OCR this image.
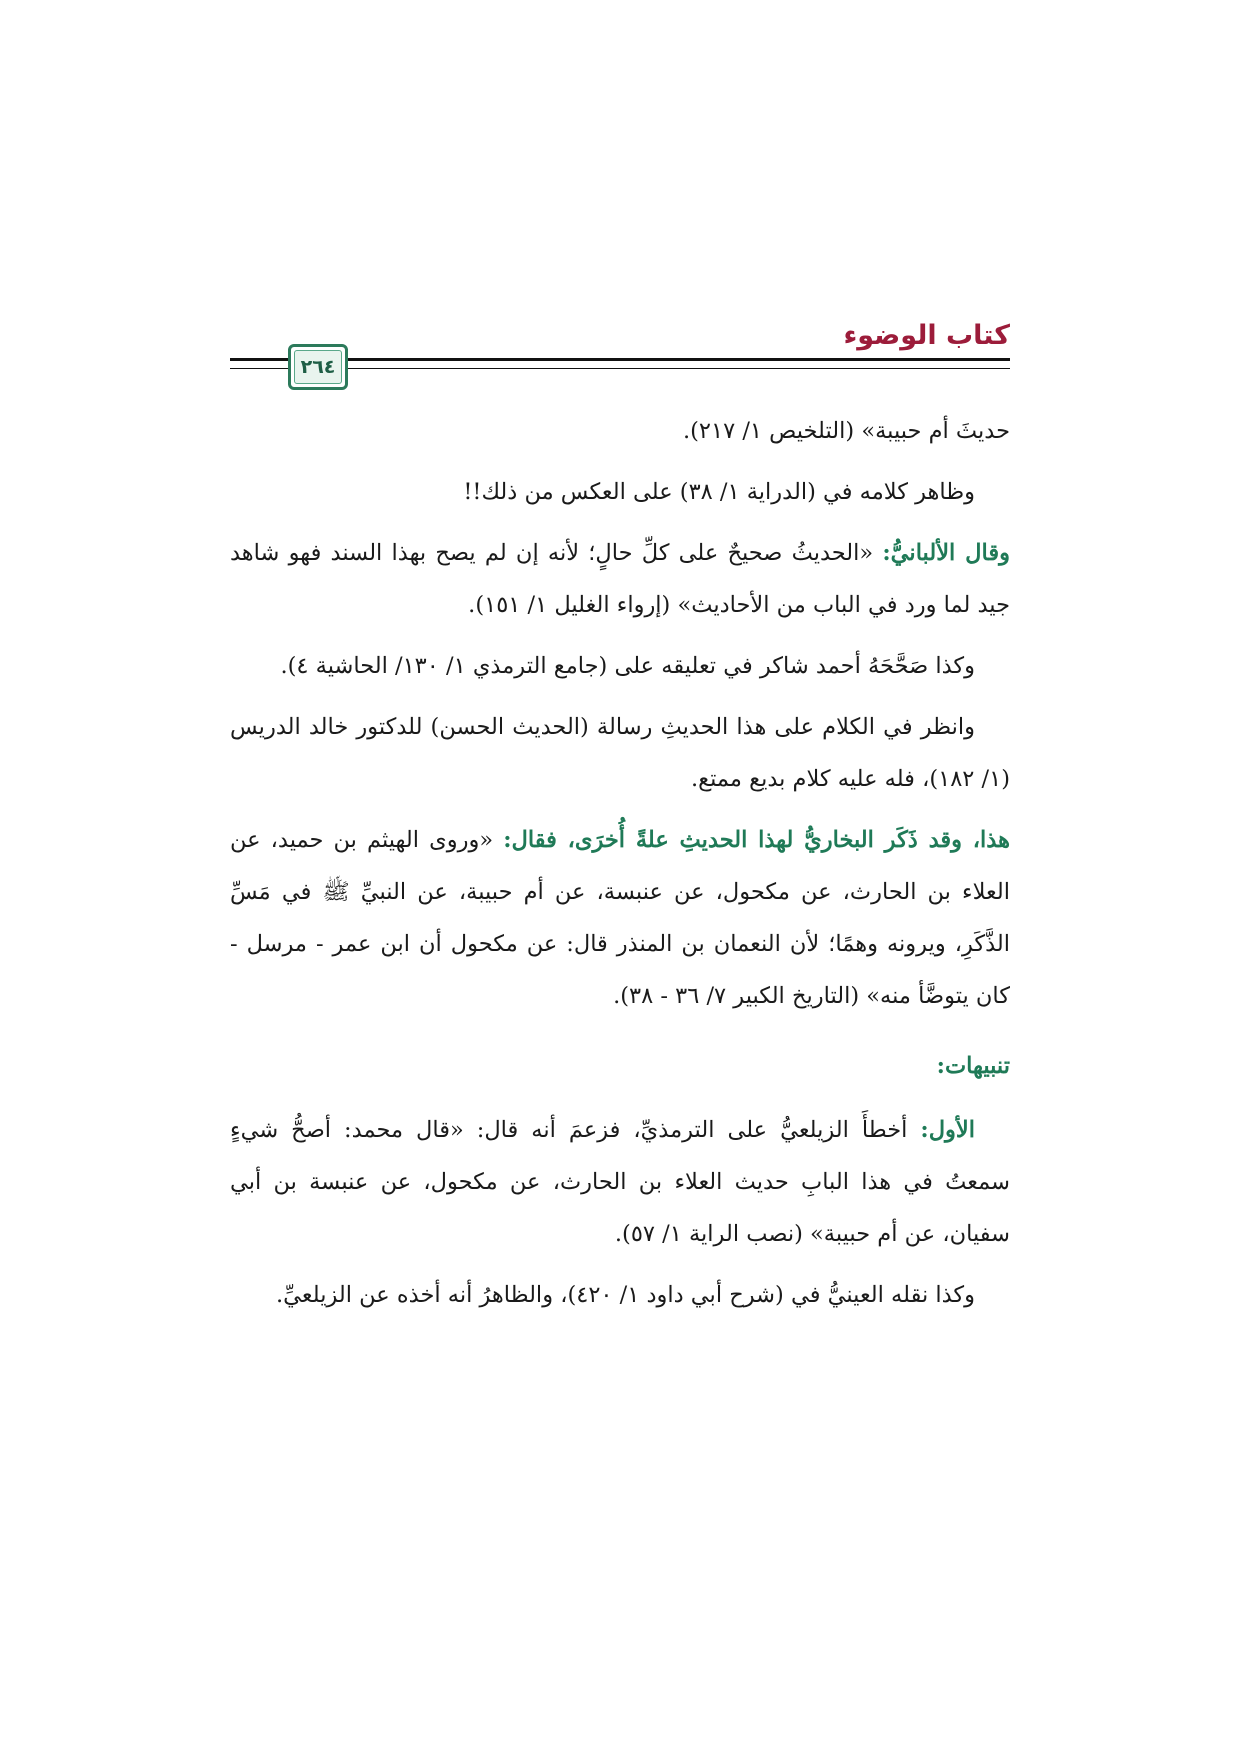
كتاب الوضوء
٢٦٤

حديثَ أم حبيبة» (التلخيص ١/ ٢١٧).

وظاهر كلامه في (الدراية ١/ ٣٨) على العكس من ذلك!!

وقال الألبانيُّ: «الحديثُ صحيحٌ على كلِّ حالٍ؛ لأنه إن لم يصح بهذا السند فهو شاهد جيد لما ورد في الباب من الأحاديث» (إرواء الغليل ١/ ١٥١).

وكذا صَحَّحَهُ أحمد شاكر في تعليقه على (جامع الترمذي ١/ ١٣٠/ الحاشية ٤).

وانظر في الكلام على هذا الحديثِ رسالة (الحديث الحسن) للدكتور خالد الدريس (١/ ١٨٢)، فله عليه كلام بديع ممتع.

هذا، وقد ذَكَر البخاريُّ لهذا الحديثِ علةً أُخرَى، فقال: «وروى الهيثم بن حميد، عن العلاء بن الحارث، عن مكحول، عن عنبسة، عن أم حبيبة، عن النبيِّ ﷺ في مَسِّ الذَّكَرِ، ويرونه وهمًا؛ لأن النعمان بن المنذر قال: عن مكحول أن ابن عمر - مرسل - كان يتوضَّأ منه» (التاريخ الكبير ٧/ ٣٦ - ٣٨).

تنبيهات:

الأول: أخطأَ الزيلعيُّ على الترمذيِّ، فزعمَ أنه قال: «قال محمد: أصحُّ شيءٍ سمعتُ في هذا البابِ حديث العلاء بن الحارث، عن مكحول، عن عنبسة بن أبي سفيان، عن أم حبيبة» (نصب الراية ١/ ٥٧).

وكذا نقله العينيُّ في (شرح أبي داود ١/ ٤٢٠)، والظاهرُ أنه أخذه عن الزيلعيِّ.
